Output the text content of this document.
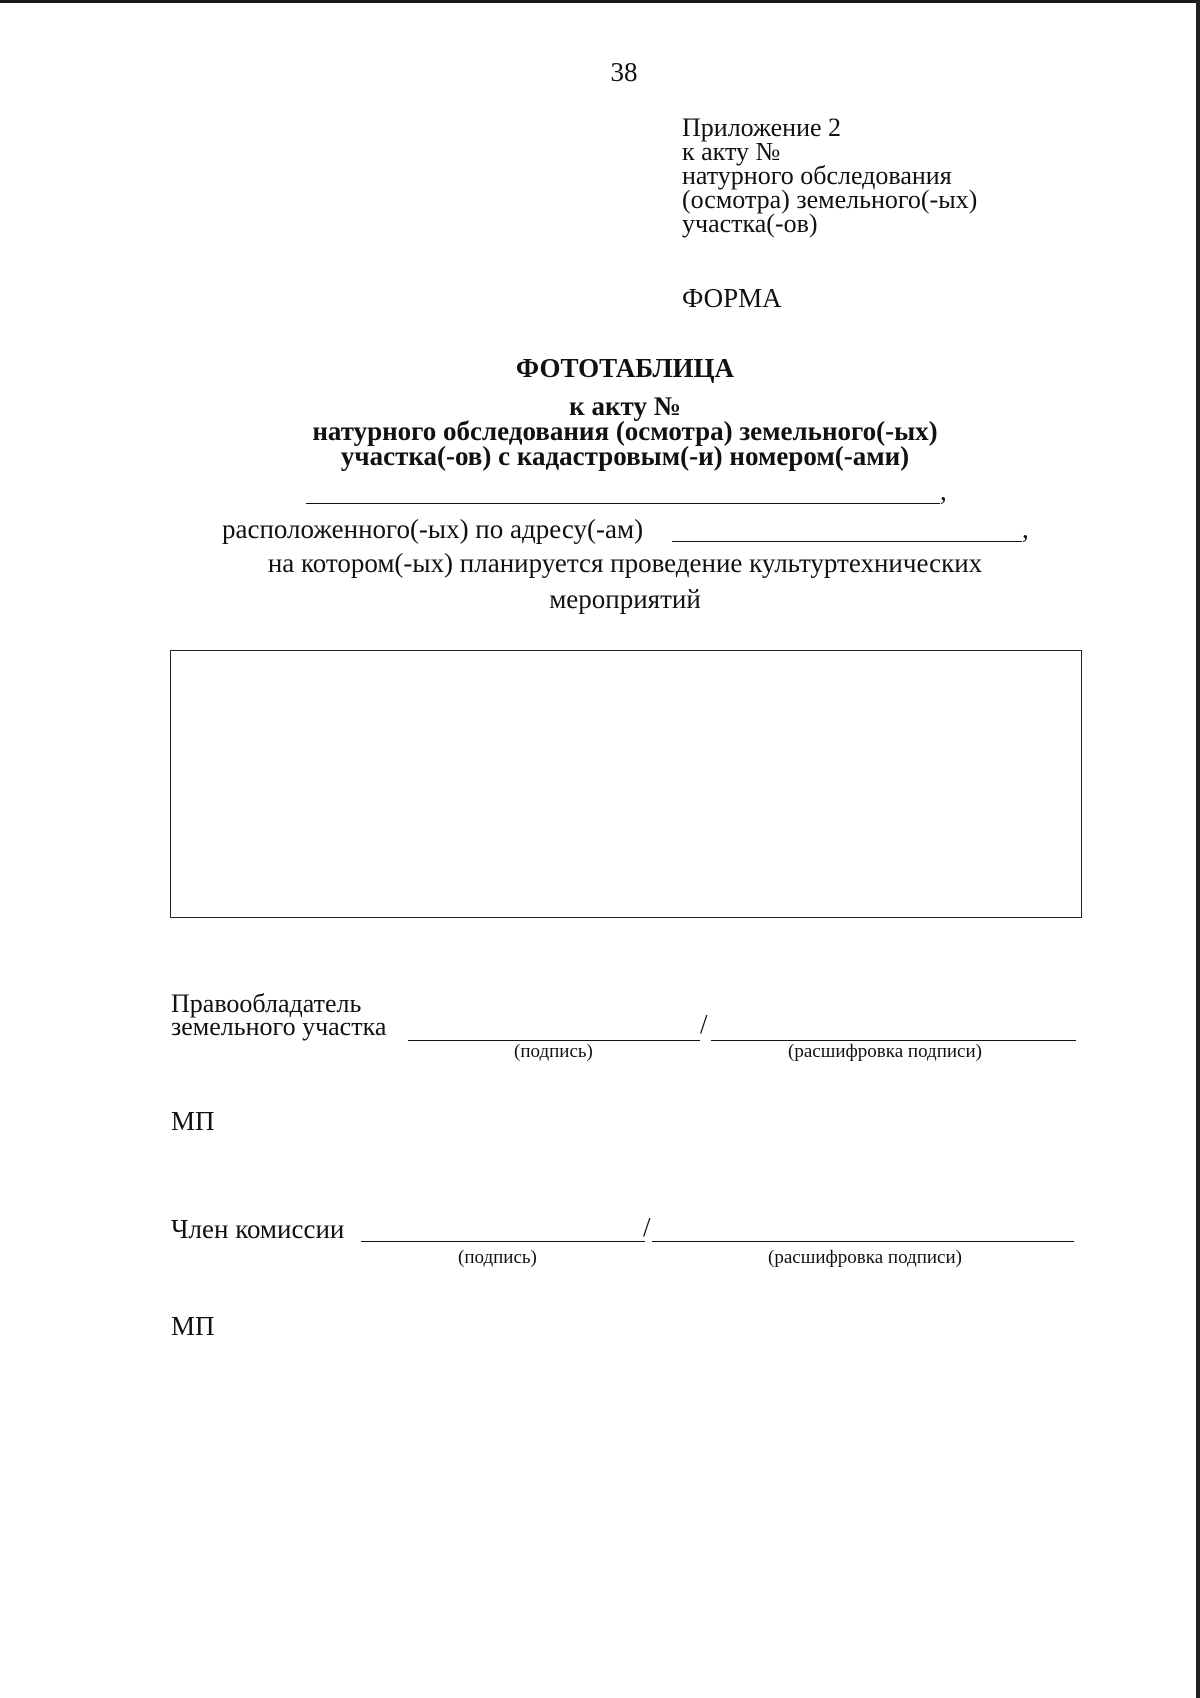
38
Приложение 2
к акту №
натурного обследования
(осмотра) земельного(-ых)
участка(-ов)
ФОРМА
ФОТОТАБЛИЦА
к акту №
натурного обследования (осмотра) земельного(-ых)
участка(-ов) с кадастровым(-и) номером(-ами)
,
расположенного(-ых) по адресу(-ам)	,
на котором(-ых) планируется проведение культуртехнических
мероприятий
Правообладатель
земельного участка	/
(подпись)	(расшифровка подписи)
МП
Член комиссии	/
(подпись)	(расшифровка подписи)
МП
